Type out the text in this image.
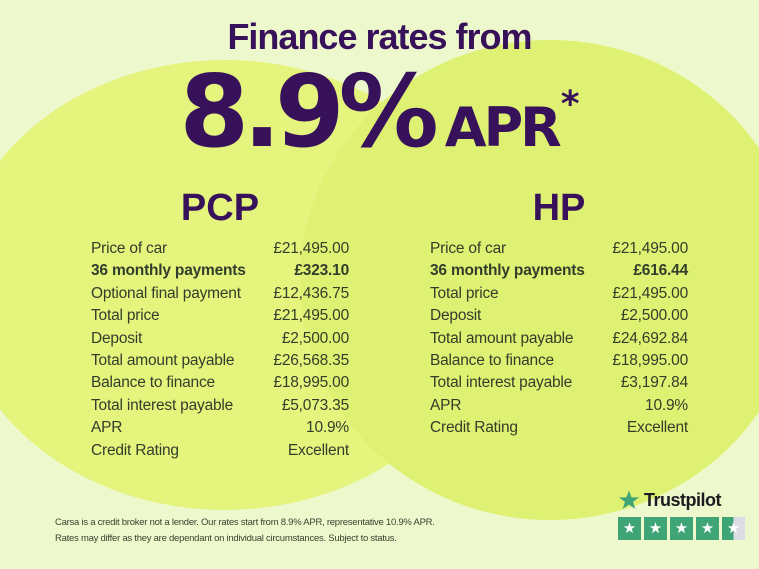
Finance rates from
8.9% APR *
PCP
Price of car	£21,495.00
36 monthly payments	£323.10
Optional final payment £12,436.75
Total price	£21,495.00
Deposit	£2,500.00
Total amount payable	£26,568.35
Balance to finance	£18,995.00
Total interest payable	£5,073.35
APR	10.9%
Credit Rating	Excellent
HP
Price of car	£21,495.00
36 monthly payments	£616.44
Total price	£21,495.00
Deposit	£2,500.00
Total amount payable	£24,692.84
Balance to finance	£18,995.00
Total interest payable	£3,197.84
APR	10.9%
Credit Rating	Excellent

Carsa is a credit broker not a lender. Our rates start from 8.9% APR, representative 10.9% APR.
Rates may differ as they are dependant on individual circumstances. Subject to status.

Trustpilot
★ ★ ★ ★ ★
